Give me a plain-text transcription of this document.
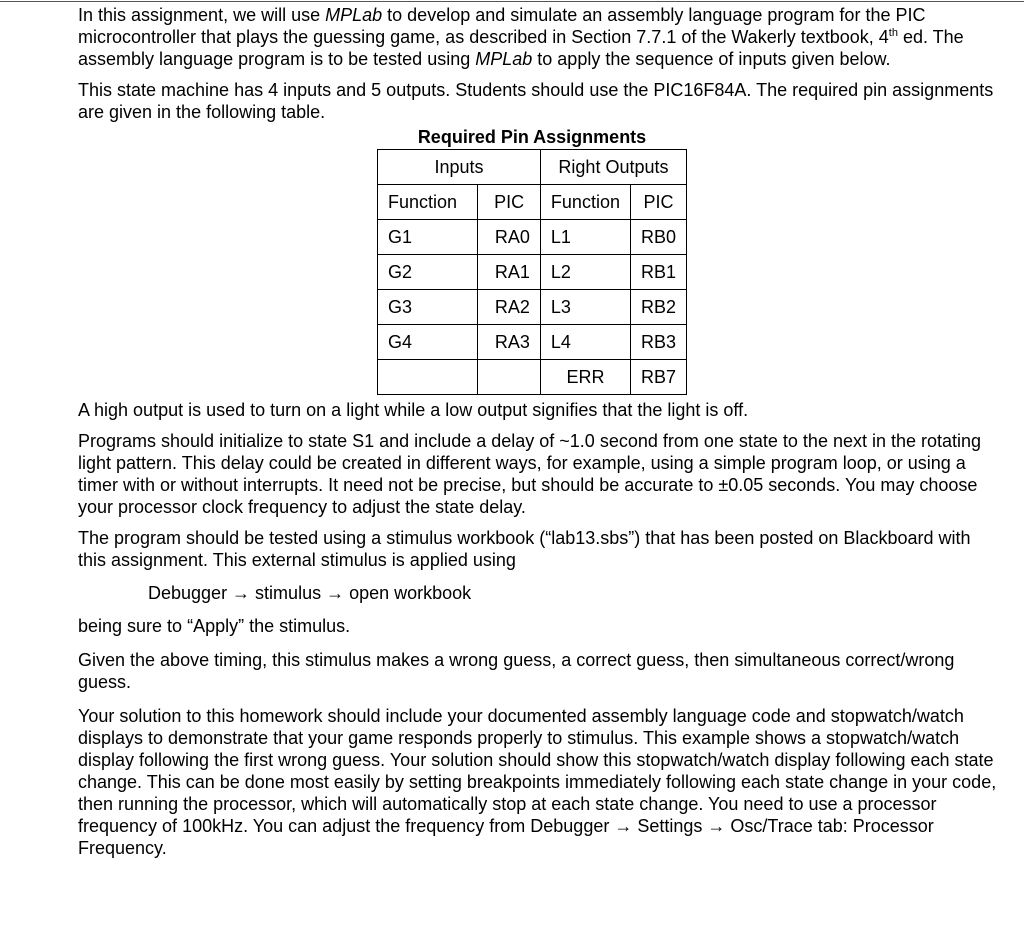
In this assignment, we will use MPLab to develop and simulate an assembly language program for the PIC microcontroller that plays the guessing game, as described in Section 7.7.1 of the Wakerly textbook, 4th ed. The assembly language program is to be tested using MPLab to apply the sequence of inputs given below.

This state machine has 4 inputs and 5 outputs. Students should use the PIC16F84A. The required pin assignments are given in the following table.

Required Pin Assignments
Inputs		Right Outputs	
Function	PIC	Function	PIC
G1	RA0	L1	RB0
G2	RA1	L2	RB1
G3	RA2	L3	RB2
G4	RA3	L4	RB3
		ERR	RB7

A high output is used to turn on a light while a low output signifies that the light is off.

Programs should initialize to state S1 and include a delay of ~1.0 second from one state to the next in the rotating light pattern. This delay could be created in different ways, for example, using a simple program loop, or using a timer with or without interrupts. It need not be precise, but should be accurate to ±0.05 seconds. You may choose your processor clock frequency to adjust the state delay.

The program should be tested using a stimulus workbook (“lab13.sbs”) that has been posted on Blackboard with this assignment. This external stimulus is applied using

Debugger → stimulus → open workbook

being sure to “Apply” the stimulus.

Given the above timing, this stimulus makes a wrong guess, a correct guess, then simultaneous correct/wrong guess.

Your solution to this homework should include your documented assembly language code and stopwatch/watch displays to demonstrate that your game responds properly to stimulus. This example shows a stopwatch/watch display following the first wrong guess. Your solution should show this stopwatch/watch display following each state change. This can be done most easily by setting breakpoints immediately following each state change in your code, then running the processor, which will automatically stop at each state change. You need to use a processor frequency of 100kHz. You can adjust the frequency from Debugger → Settings → Osc/Trace tab: Processor Frequency.
